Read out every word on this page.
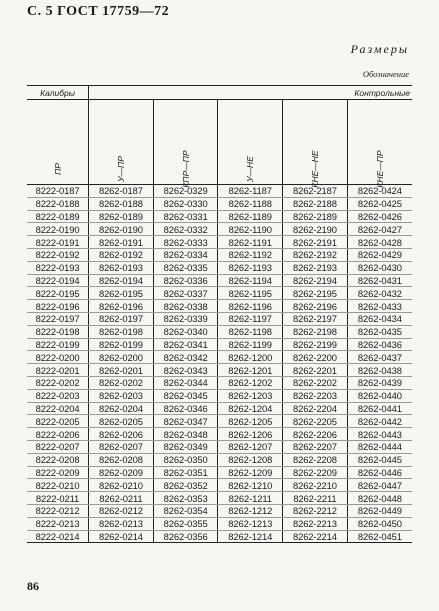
С. 5 ГОСТ 17759—72
Размеры
Обозначение
Калибры	Контрольные				

ПР	У—ПР	КПР—ПР	У—НЕ	КНЕ—НЕ	КНЕ—ПР

8222-0187	8262-0187	8262-0329	8262-1187	8262-2187	8262-0424
8222-0188	8262-0188	8262-0330	8262-1188	8262-2188	8262-0425
8222-0189	8262-0189	8262-0331	8262-1189	8262-2189	8262-0426
8222-0190	8262-0190	8262-0332	8262-1190	8262-2190	8262-0427
8222-0191	8262-0191	8262-0333	8262-1191	8262-2191	8262-0428
8222-0192	8262-0192	8262-0334	8262-1192	8262-2192	8262-0429
8222-0193	8262-0193	8262-0335	8262-1193	8262-2193	8262-0430
8222-0194	8262-0194	8262-0336	8262-1194	8262-2194	8262-0431
8222-0195	8262-0195	8262-0337	8262-1195	8262-2195	8262-0432
8222-0196	8262-0196	8262-0338	8262-1196	8262-2196	8262-0433
8222-0197	8262-0197	8262-0339	8262-1197	8262-2197	8262-0434
8222-0198	8262-0198	8262-0340	8262-1198	8262-2198	8262-0435
8222-0199	8262-0199	8262-0341	8262-1199	8262-2199	8262-0436
8222-0200	8262-0200	8262-0342	8262-1200	8262-2200	8262-0437
8222-0201	8262-0201	8262-0343	8262-1201	8262-2201	8262-0438
8222-0202	8262-0202	8262-0344	8262-1202	8262-2202	8262-0439
8222-0203	8262-0203	8262-0345	8262-1203	8262-2203	8262-0440
8222-0204	8262-0204	8262-0346	8262-1204	8262-2204	8262-0441
8222-0205	8262-0205	8262-0347	8262-1205	8262-2205	8262-0442
8222-0206	8262-0206	8262-0348	8262-1206	8262-2206	8262-0443
8222-0207	8262-0207	8262-0349	8262-1207	8262-2207	8262-0444
8222-0208	8262-0208	8262-0350	8262-1208	8262-2208	8262-0445
8222-0209	8262-0209	8262-0351	8262-1209	8262-2209	8262-0446
8222-0210	8262-0210	8262-0352	8262-1210	8262-2210	8262-0447
8222-0211	8262-0211	8262-0353	8262-1211	8262-2211	8262-0448
8222-0212	8262-0212	8262-0354	8262-1212	8262-2212	8262-0449
8222-0213	8262-0213	8262-0355	8262-1213	8262-2213	8262-0450
8222-0214	8262-0214	8262-0356	8262-1214	8262-2214	8262-0451
86
